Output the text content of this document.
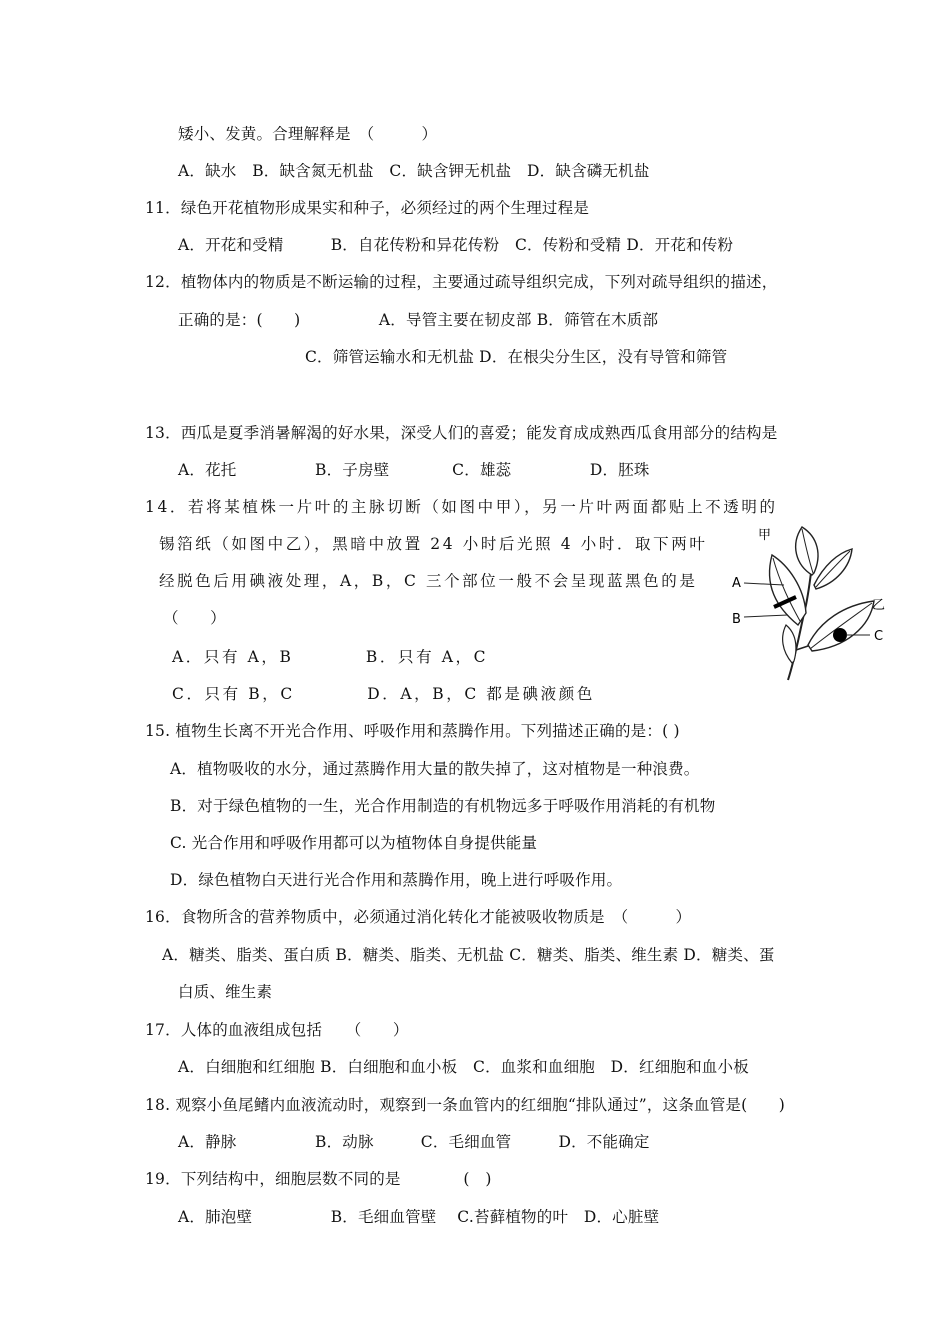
矮小、发黄。合理解释是　（　　　）
A．缺水　B．缺含氮无机盐　C．缺含钾无机盐　D．缺含磷无机盐
11．绿色开花植物形成果实和种子，必须经过的两个生理过程是
A．开花和受精　　　B．自花传粉和异花传粉　C．传粉和受精 D．开花和传粉
12．植物体内的物质是不断运输的过程，主要通过疏导组织完成，下列对疏导组织的描述，
正确的是：(　　)　　　　　A．导管主要在韧皮部 B．筛管在木质部
C．筛管运输水和无机盐 D．在根尖分生区，没有导管和筛管
13．西瓜是夏季消暑解渴的好水果，深受人们的喜爱；能发育成成熟西瓜食用部分的结构是
A．花托　　　　　B．子房壁　　　　C．雄蕊　　　　　D．胚珠
14．若将某植株一片叶的主脉切断（如图中甲），另一片叶两面都贴上不透明的
锡箔纸（如图中乙），黑暗中放置 24 小时后光照 4 小时．取下两叶
经脱色后用碘液处理，A，B，C 三个部位一般不会呈现蓝黑色的是
（　　）
A．只有 A，B　　　　B．只有 A，C
C．只有 B，C　　　　D．A，B，C 都是碘液颜色
15. 植物生长离不开光合作用、呼吸作用和蒸腾作用。下列描述正确的是：( )
A．植物吸收的水分，通过蒸腾作用大量的散失掉了，这对植物是一种浪费。
B．对于绿色植物的一生，光合作用制造的有机物远多于呼吸作用消耗的有机物
C. 光合作用和呼吸作用都可以为植物体自身提供能量
D．绿色植物白天进行光合作用和蒸腾作用，晚上进行呼吸作用。
16．食物所含的营养物质中，必须通过消化转化才能被吸收物质是　（　　　）
A．糖类、脂类、蛋白质 B．糖类、脂类、无机盐 C．糖类、脂类、维生素 D．糖类、蛋
白质、维生素
17．人体的血液组成包括　　（　　）
A．白细胞和红细胞 B．白细胞和血小板　C．血浆和血细胞　D．红细胞和血小板
18. 观察小鱼尾鳍内血液流动时，观察到一条血管内的红细胞“排队通过”，这条血管是(　　)
A．静脉　　　　　B．动脉　　　C．毛细血管　　　D．不能确定
19．下列结构中，细胞层数不同的是　　　　(　)
A．肺泡壁　　　　　B．毛细血管壁　 C.苔藓植物的叶　D．心脏壁
甲
乙
A
B
C
